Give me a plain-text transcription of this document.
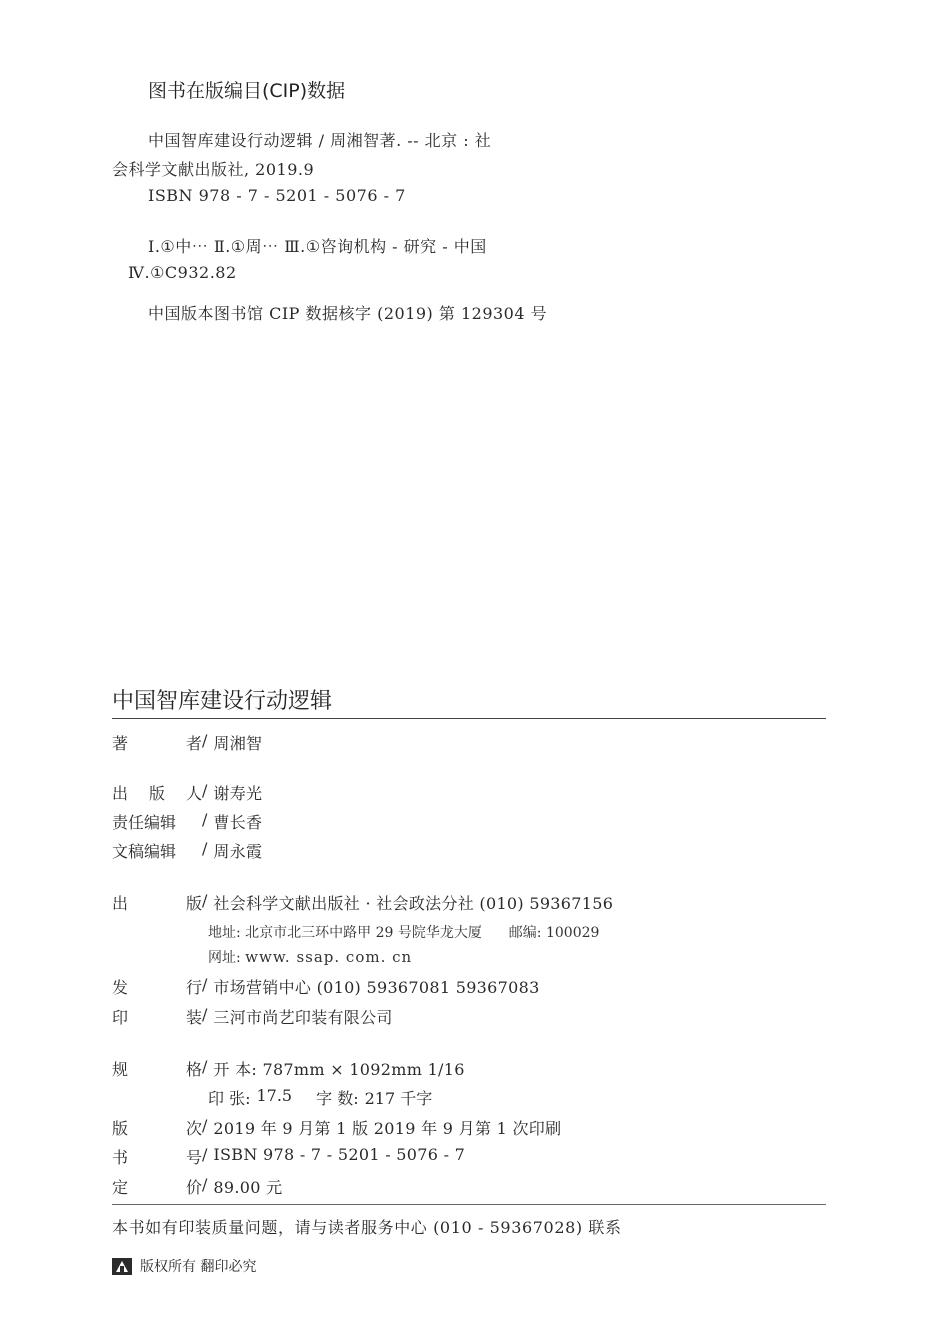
图书在版编目(CIP)数据
中国智库建设行动逻辑 / 周湘智著. -- 北京 : 社
会科学文献出版社, 2019.9
ISBN 978 - 7 - 5201 - 5076 - 7
Ⅰ.①中⋯ Ⅱ.①周⋯ Ⅲ.①咨询机构 - 研究 - 中国
Ⅳ.①C932.82
中国版本图书馆 CIP 数据核字 (2019) 第 129304 号
中国智库建设行动逻辑
著	者 / 周湘智
出 版 人 / 谢寿光
责任编辑	/ 曹长香
文稿编辑	/ 周永霞
出	版 / 社会科学文献出版社 · 社会政法分社 (010) 59367156
地址: 北京市北三环中路甲 29 号院华龙大厦 邮编: 100029
网址: www. ssap. com. cn
发	行 / 市场营销中心 (010) 59367081 59367083
印	装 / 三河市尚艺印装有限公司
规	格 / 开 本: 787mm × 1092mm 1/16
印 张: 17.5 字 数: 217 千字
版	次 / 2019 年 9 月第 1 版 2019 年 9 月第 1 次印刷
书	号 / ISBN 978 - 7 - 5201 - 5076 - 7
定	价 / 89.00 元
本书如有印装质量问题，请与读者服务中心 (010 - 59367028) 联系
版权所有 翻印必究
